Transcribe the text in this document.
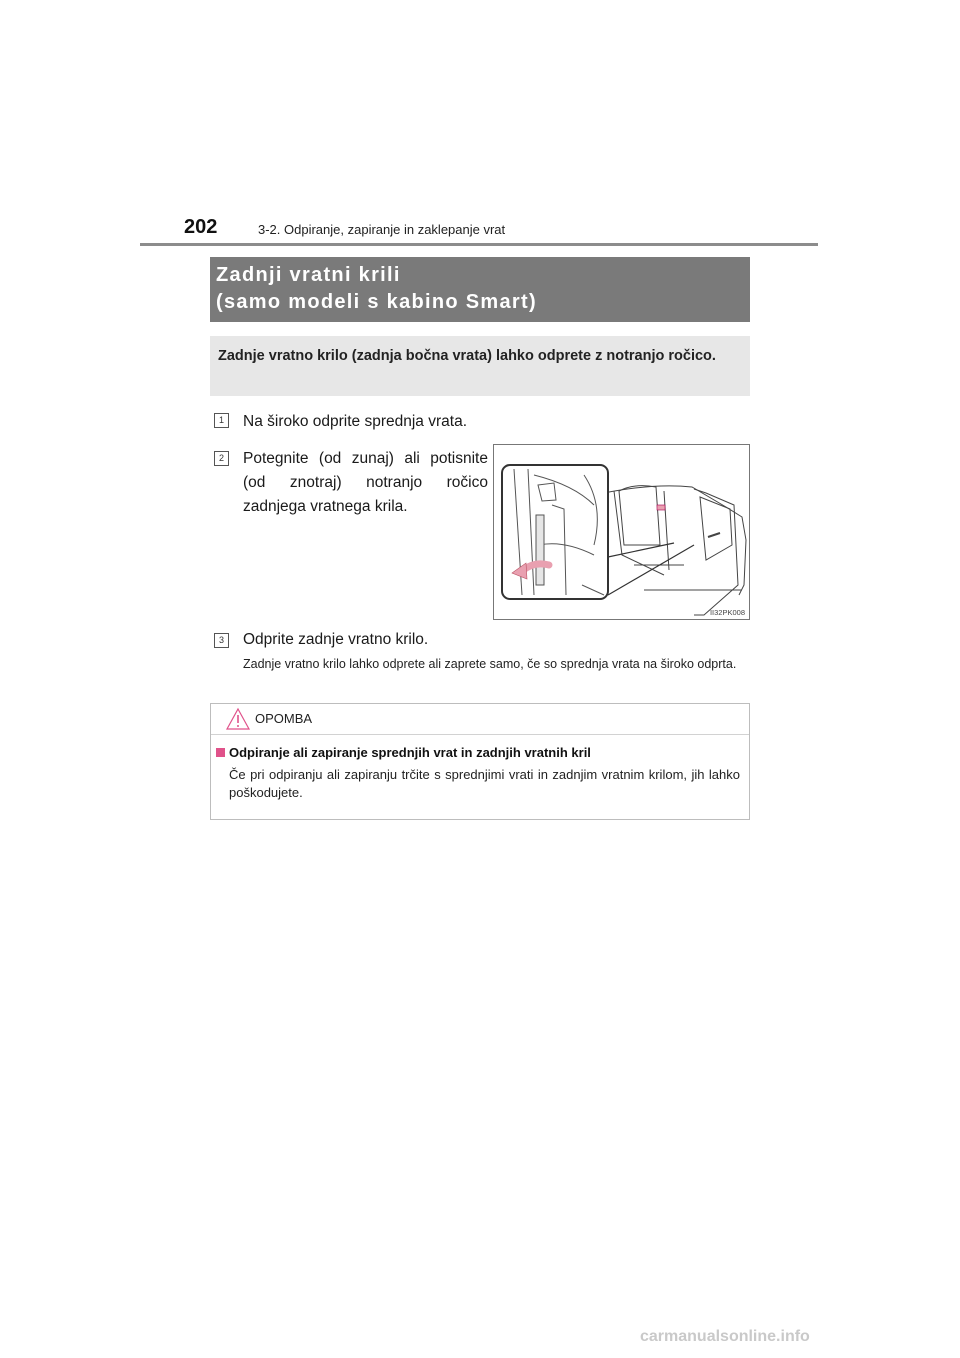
202	3-2. Odpiranje, zapiranje in zaklepanje vrat
Zadnji vratni krili
(samo modeli s kabino Smart)
Zadnje vratno krilo (zadnja bočna vrata) lahko odprete z notranjo ročico.
1	Na široko odprite sprednja vrata.
2	Potegnite (od zunaj) ali potisnite (od znotraj) notranjo ročico zadnjega vratnega krila.
II32PK008
3	Odprite zadnje vratno krilo.
Zadnje vratno krilo lahko odprete ali zaprete samo, če so sprednja vrata na široko odprta.
OPOMBA
Odpiranje ali zapiranje sprednjih vrat in zadnjih vratnih kril
Če pri odpiranju ali zapiranju trčite s sprednjimi vrati in zadnjim vratnim krilom, jih lahko poškodujete.
carmanualsonline.info
